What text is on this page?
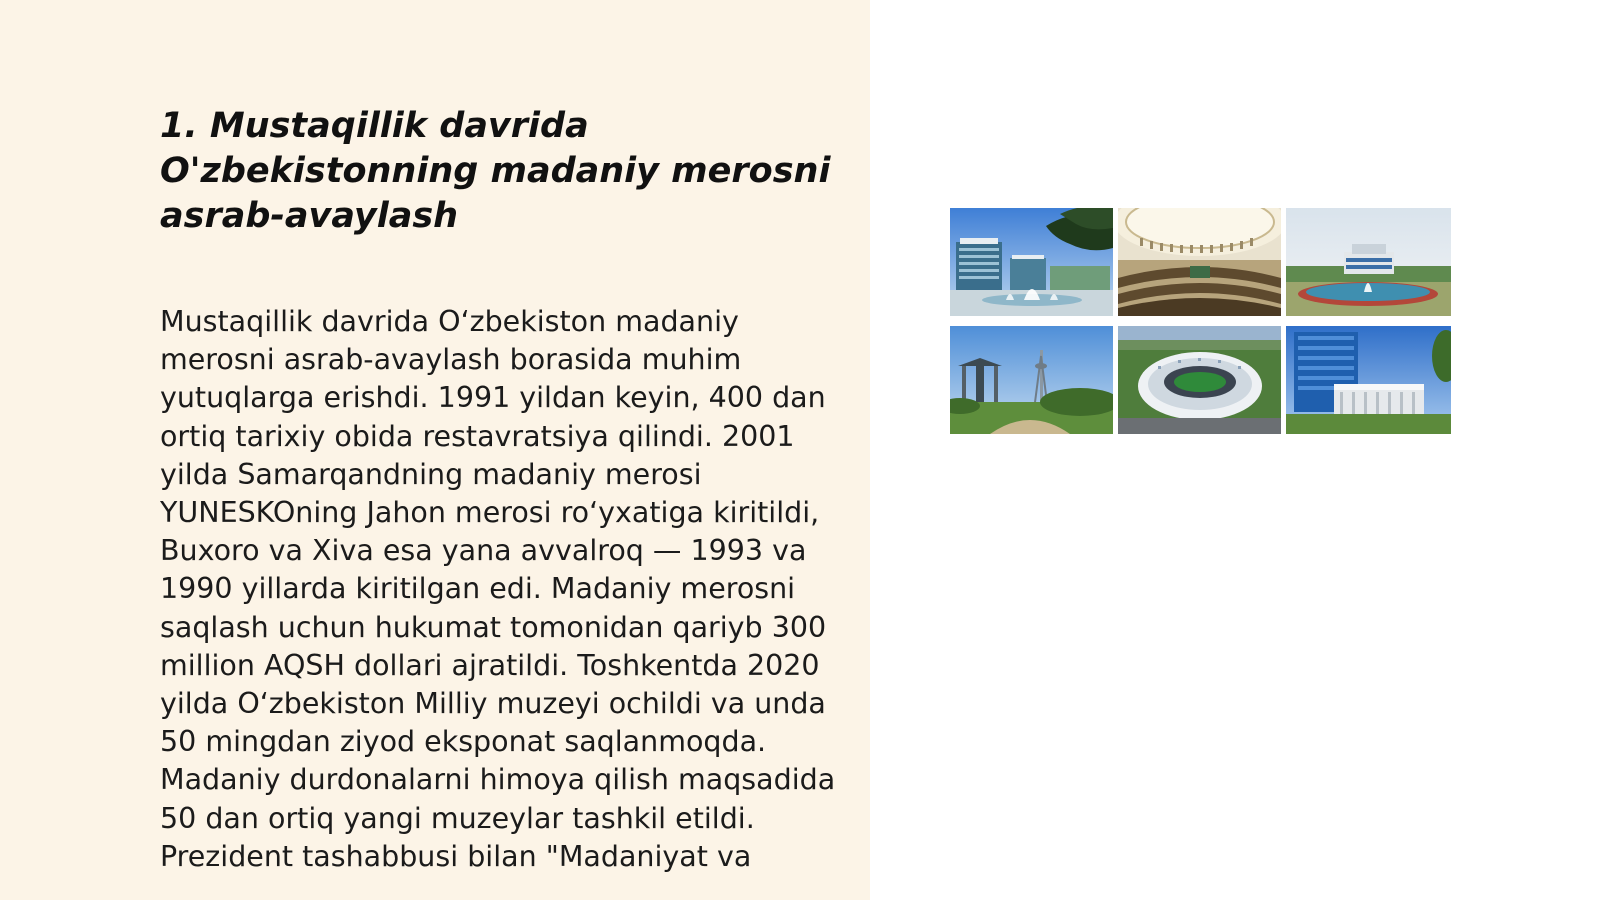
1. Mustaqillik davrida O'zbekistonning madaniy merosni asrab-avaylash

Mustaqillik davrida O‘zbekiston madaniy merosni asrab-avaylash borasida muhim yutuqlarga erishdi. 1991 yildan keyin, 400 dan ortiq tarixiy obida restavratsiya qilindi. 2001 yilda Samarqandning madaniy merosi YUNESKOning Jahon merosi ro‘yxatiga kiritildi, Buxoro va Xiva esa yana avvalroq — 1993 va 1990 yillarda kiritilgan edi. Madaniy merosni saqlash uchun hukumat tomonidan qariyb 300 million AQSH dollari ajratildi. Toshkentda 2020 yilda O‘zbekiston Milliy muzeyi ochildi va unda 50 mingdan ziyod eksponat saqlanmoqda. Madaniy durdonalarni himoya qilish maqsadida 50 dan ortiq yangi muzeylar tashkil etildi. Prezident tashabbusi bilan "Madaniyat va
